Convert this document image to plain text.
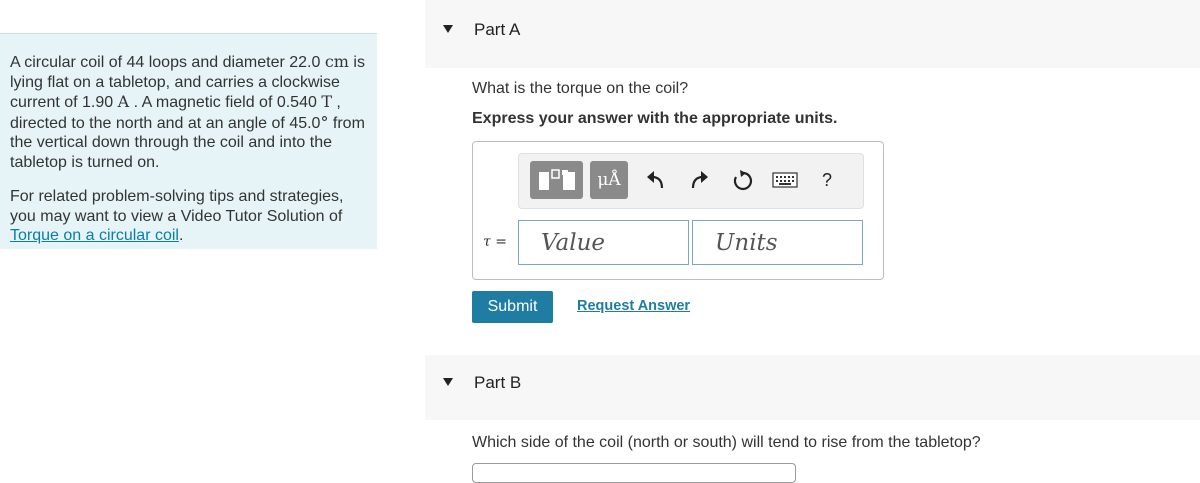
A circular coil of 44 loops and diameter 22.0 cm is lying flat on a tabletop, and carries a clockwise current of 1.90 A . A magnetic field of 0.540 T , directed to the north and at an angle of 45.0° from the vertical down through the coil and into the tabletop is turned on.

For related problem-solving tips and strategies, you may want to view a Video Tutor Solution of Torque on a circular coil.

Part A
What is the torque on the coil?
Express your answer with the appropriate units.
μÅ	?
τ =	Value	Units
Submit	Request Answer
Part B
Which side of the coil (north or south) will tend to rise from the tabletop?
